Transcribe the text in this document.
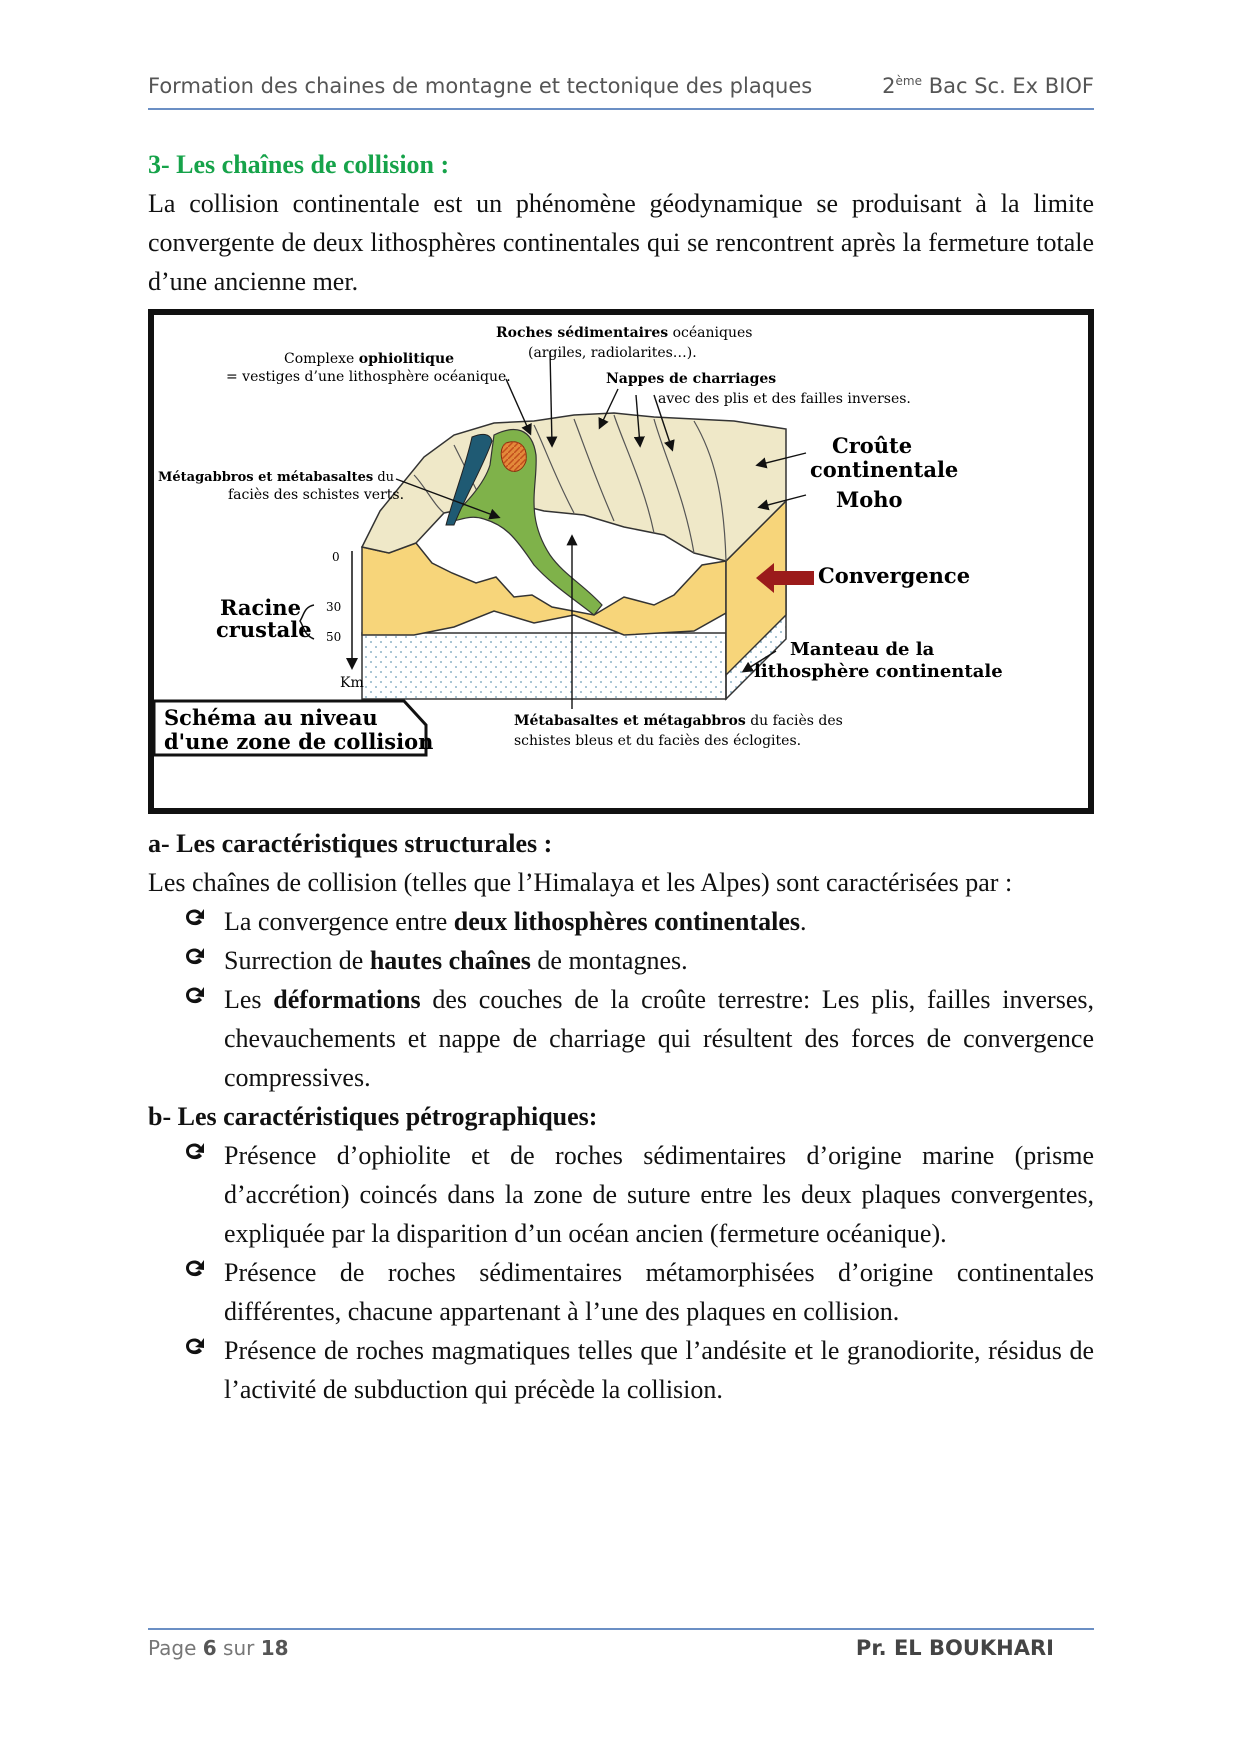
Formation des chaines de montagne et tectonique des plaques	2ème Bac Sc. Ex BIOF
3- Les chaînes de collision :

La collision continentale est un phénomène géodynamique se produisant à la limite convergente de deux lithosphères continentales qui se rencontrent après la fermeture totale d’une ancienne mer.

0
30
50
Km
Roches sédimentaires océaniques
(argiles, radiolarites…).
Complexe ophiolitique
= vestiges d’une lithosphère océanique.	Nappes de charriages
avec des plis et des failles inverses.
Métagabbros et métabasaltes du
faciès des schistes verts.
Croûte
continentale
Moho
Convergence
Manteau de la
lithosphère continentale
Racine
crustale
Métabasaltes et métagabbros du faciès des
schistes bleus et du faciès des éclogites.
Schéma au niveau
d'une zone de collision
a- Les caractéristiques structurales :

Les chaînes de collision (telles que l’Himalaya et les Alpes) sont caractérisées par :

La convergence entre deux lithosphères continentales.
Surrection de hautes chaînes de montagnes.
Les déformations des couches de la croûte terrestre: Les plis, failles inverses, chevauchements et nappe de charriage qui résultent des forces de convergence compressives.
b- Les caractéristiques pétrographiques:
Présence d’ophiolite et de roches sédimentaires d’origine marine (prisme d’accrétion) coincés dans la zone de suture entre les deux plaques convergentes, expliquée par la disparition d’un océan ancien (fermeture océanique).
Présence de roches sédimentaires métamorphisées d’origine continentales différentes, chacune appartenant à l’une des plaques en collision.
Présence de roches magmatiques telles que l’andésite et le granodiorite, résidus de l’activité de subduction qui précède la collision.
Page 6 sur 18	Pr. EL BOUKHARI
